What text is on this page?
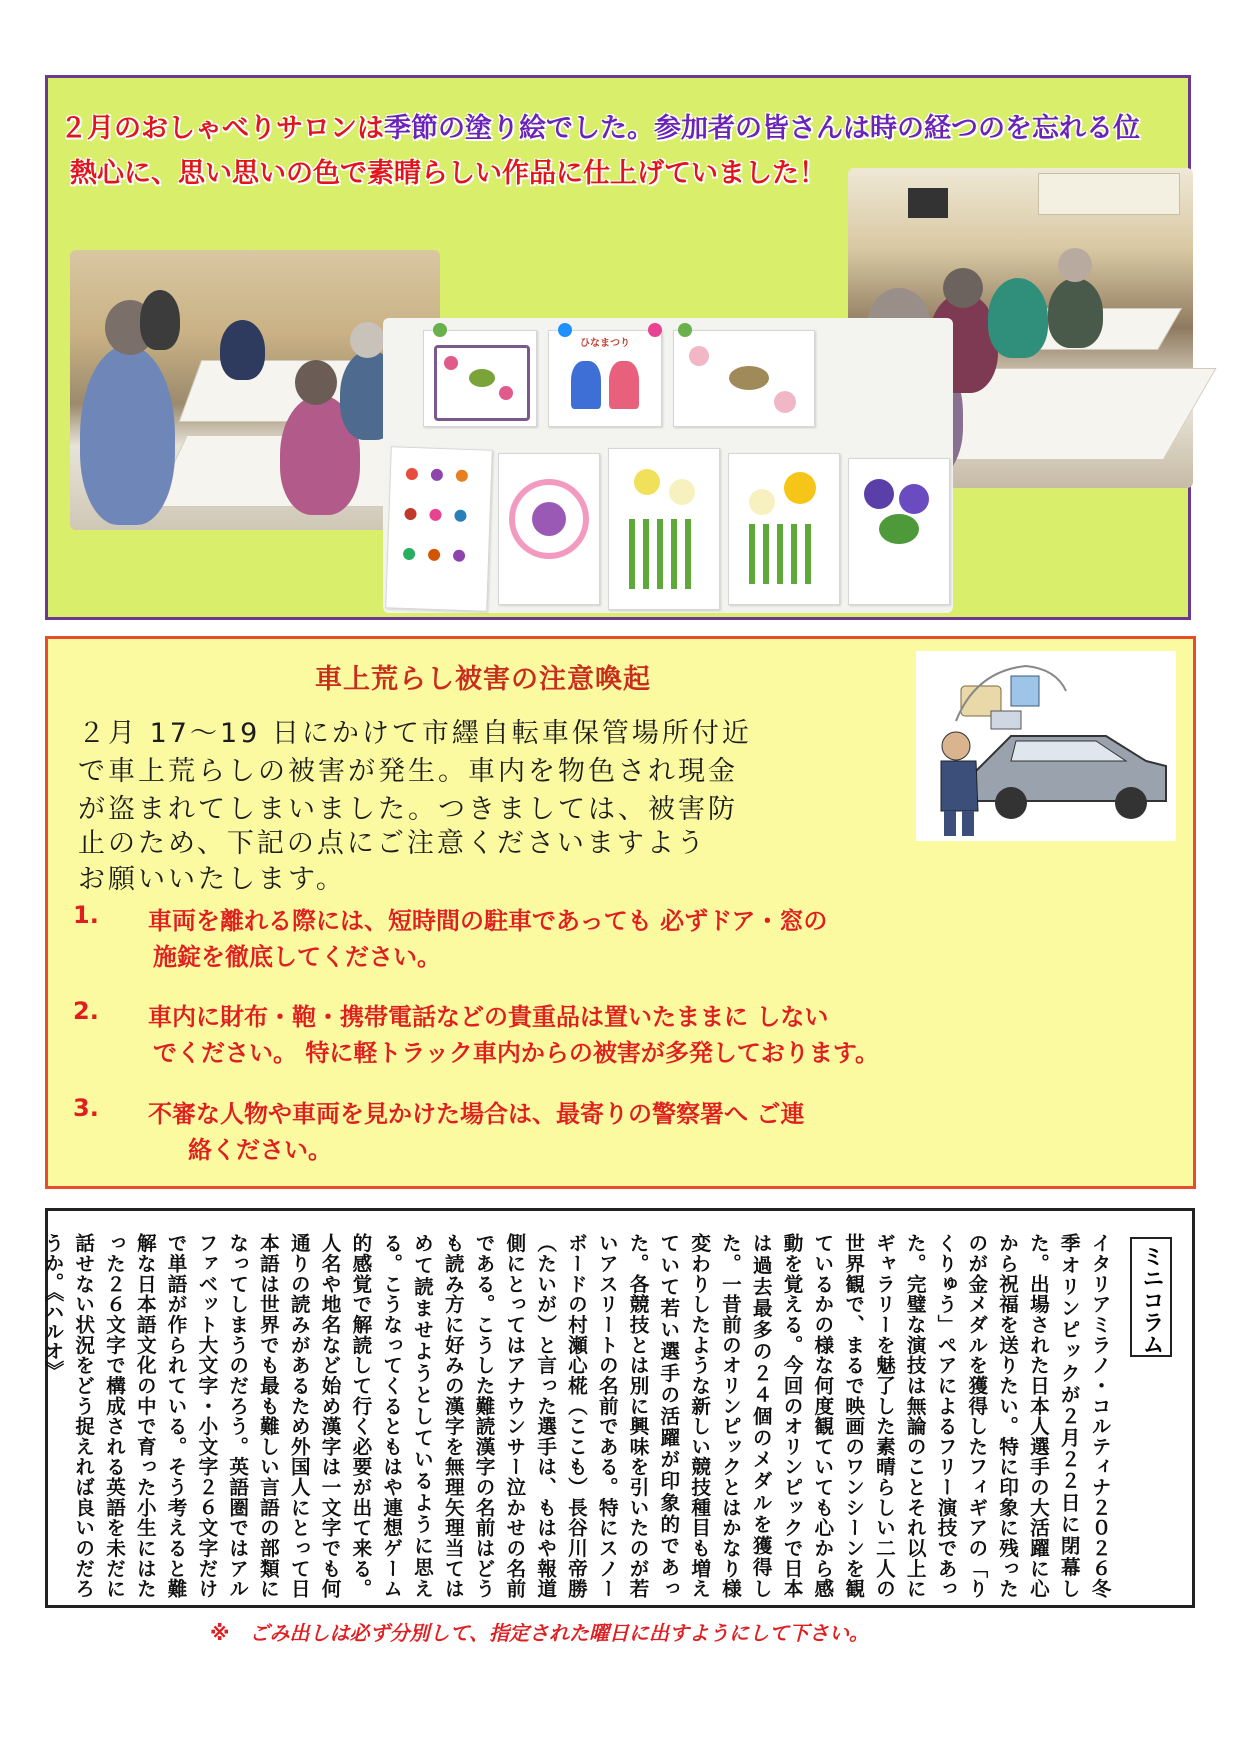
２月のおしゃべりサロンは季節の塗り絵でした。参加者の皆さんは時の経つのを忘れる位
熱心に、思い思いの色で素晴らしい作品に仕上げていました！
ひなまつり
車上荒らし被害の注意喚起
２月 17～19 日にかけて市纆自転車保管場所付近
で車上荒らしの被害が発生。車内を物色され現金
が盗まれてしまいました。つきましては、被害防
止のため、下記の点にご注意くださいますよう
お願いいたします。
1. 車両を離れる際には、短時間の駐車であっても 必ずドア・窓の
施錠を徹底してください。
2. 車内に財布・鞄・携帯電話などの貴重品は置いたままに しない
でください。 特に軽トラック車内からの被害が多発しております。
3. 不審な人物や車両を見かけた場合は、最寄りの警察署へ ご連
絡ください。
ミニコラム
イタリアミラノ・コルティナ２０２６冬季オリンピックが２月２２日に閉幕した。出場された日本人選手の大活躍に心から祝福を送りたい。特に印象に残ったのが金メダルを獲得したフィギアの「りくりゅう」ペアによるフリー演技であった。完璧な演技は無論のことそれ以上にギャラリーを魅了した素晴らしい二人の世界観で、まるで映画のワンシーンを観ているかの様な何度観ていても心から感動を覚える。今回のオリンピックで日本は過去最多の２４個のメダルを獲得した。一昔前のオリンピックとはかなり様変わりしたような新しい競技種目も増えていて若い選手の活躍が印象的であった。各競技とは別に興味を引いたのが若いアスリートの名前である。特にスノーボードの村瀬心椛（ここも）長谷川帝勝（たいが）と言った選手は、もはや報道側にとってはアナウンサー泣かせの名前である。こうした難読漢字の名前はどうも読み方に好みの漢字を無理矢理当てはめて読ませようとしているように思える。こうなってくるともはや連想ゲーム的感覚で解読して行く必要が出て来る。人名や地名など始め漢字は一文字でも何通りの読みがあるため外国人にとって日本語は世界でも最も難しい言語の部類になってしまうのだろう。英語圏ではアルファベット大文字・小文字２６文字だけで単語が作られている。そう考えると難解な日本語文化の中で育った小生にはたった２６文字で構成される英語を未だに話せない状況をどう捉えれば良いのだろうか。《ハルオ》
※　ごみ出しは必ず分別して、指定された曜日に出すようにして下さい。
